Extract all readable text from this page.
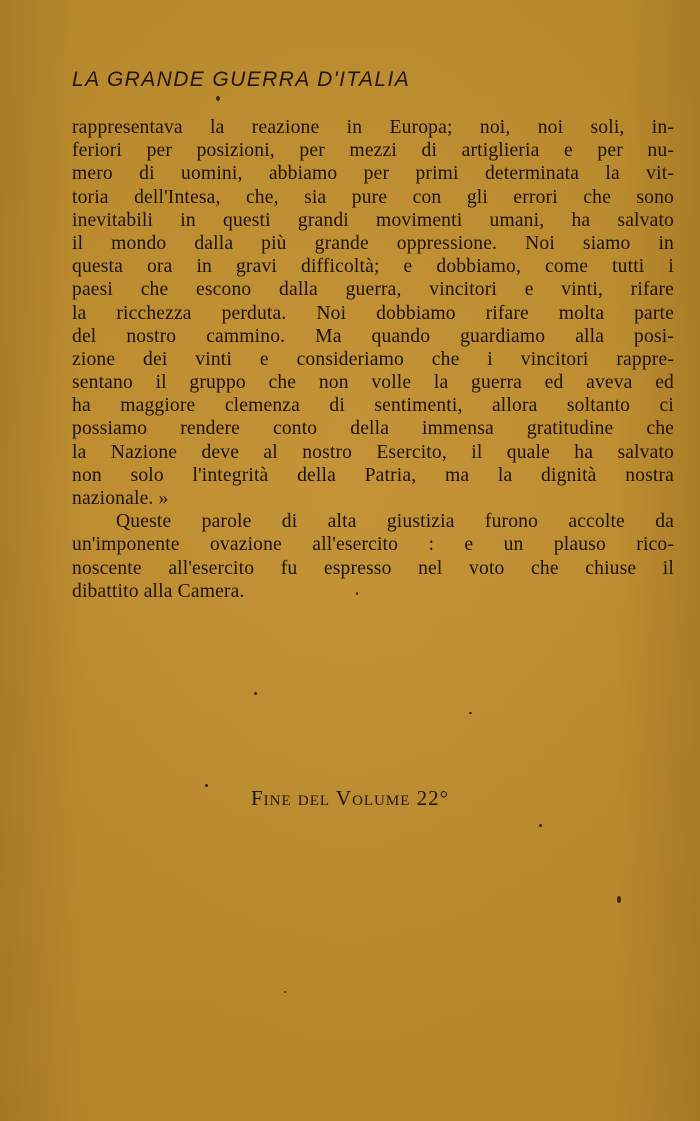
LA GRANDE GUERRA D'ITALIA
rappresentava la reazione in Europa; noi, noi soli, in-
feriori per posizioni, per mezzi di artiglieria e per nu-
mero di uomini, abbiamo per primi determinata la vit-
toria dell'Intesa, che, sia pure con gli errori che sono
inevitabili in questi grandi movimenti umani, ha salvato
il mondo dalla più grande oppressione. Noi siamo in
questa ora in gravi difficoltà; e dobbiamo, come tutti i
paesi che escono dalla guerra, vincitori e vinti, rifare
la ricchezza perduta. Noi dobbiamo rifare molta parte
del nostro cammino. Ma quando guardiamo alla posi-
zione dei vinti e consideriamo che i vincitori rappre-
sentano il gruppo che non volle la guerra ed aveva ed
ha maggiore clemenza di sentimenti, allora soltanto ci
possiamo rendere conto della immensa gratitudine che
la Nazione deve al nostro Esercito, il quale ha salvato
non solo l'integrità della Patria, ma la dignità nostra
nazionale. »
Queste parole di alta giustizia furono accolte da
un'imponente ovazione all'esercito : e un plauso rico-
noscente all'esercito fu espresso nel voto che chiuse il
dibattito alla Camera.
Fine del Volume 22°
